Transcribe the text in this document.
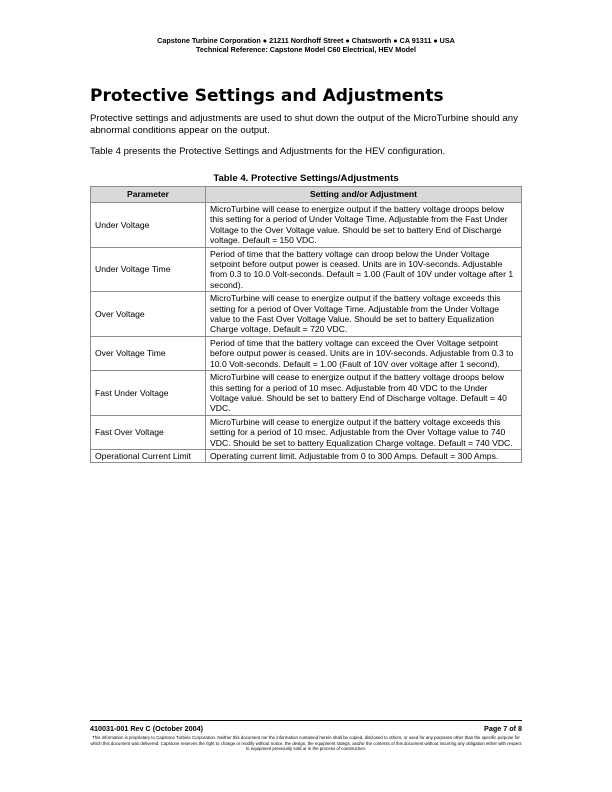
Capstone Turbine Corporation ● 21211 Nordhoff Street ● Chatsworth ● CA 91311 ● USA
Technical Reference: Capstone Model C60 Electrical, HEV Model
Protective Settings and Adjustments

Protective settings and adjustments are used to shut down the output of the MicroTurbine should any abnormal conditions appear on the output.

Table 4 presents the Protective Settings and Adjustments for the HEV configuration.

Table 4. Protective Settings/Adjustments
Parameter	Setting and/or Adjustment
Under Voltage	MicroTurbine will cease to energize output if the battery voltage droops below this setting for a period of Under Voltage Time. Adjustable from the Fast Under Voltage to the Over Voltage value. Should be set to battery End of Discharge voltage. Default = 150 VDC.
Under Voltage Time	Period of time that the battery voltage can droop below the Under Voltage setpoint before output power is ceased. Units are in 10V-seconds. Adjustable from 0.3 to 10.0 Volt-seconds. Default = 1.00 (Fault of 10V under voltage after 1 second).
Over Voltage	MicroTurbine will cease to energize output if the battery voltage exceeds this setting for a period of Over Voltage Time. Adjustable from the Under Voltage value to the Fast Over Voltage Value. Should be set to battery Equalization Charge voltage. Default = 720 VDC.
Over Voltage Time	Period of time that the battery voltage can exceed the Over Voltage setpoint before output power is ceased. Units are in 10V-seconds. Adjustable from 0.3 to 10.0 Volt-seconds. Default = 1.00 (Fault of 10V over voltage after 1 second).
Fast Under Voltage	MicroTurbine will cease to energize output if the battery voltage droops below this setting for a period of 10 msec. Adjustable from 40 VDC to the Under Voltage value. Should be set to battery End of Discharge voltage. Default = 40 VDC.
Fast Over Voltage	MicroTurbine will cease to energize output if the battery voltage exceeds this setting for a period of 10 msec. Adjustable from the Over Voltage value to 740 VDC. Should be set to battery Equalization Charge voltage. Default = 740 VDC.
Operational Current Limit	Operating current limit. Adjustable from 0 to 300 Amps. Default = 300 Amps.
410031-001 Rev C (October 2004)	Page 7 of 8
This information is proprietary to Capstone Turbine Corporation. Neither this document nor the information contained herein shall be copied, disclosed to others, or used for any purposes other than the specific purpose for which this document was delivered. Capstone reserves the right to change or modify without notice, the design, the equipment ratings, and/or the contents of this document without incurring any obligation either with respect to equipment previously sold or in the process of construction.
